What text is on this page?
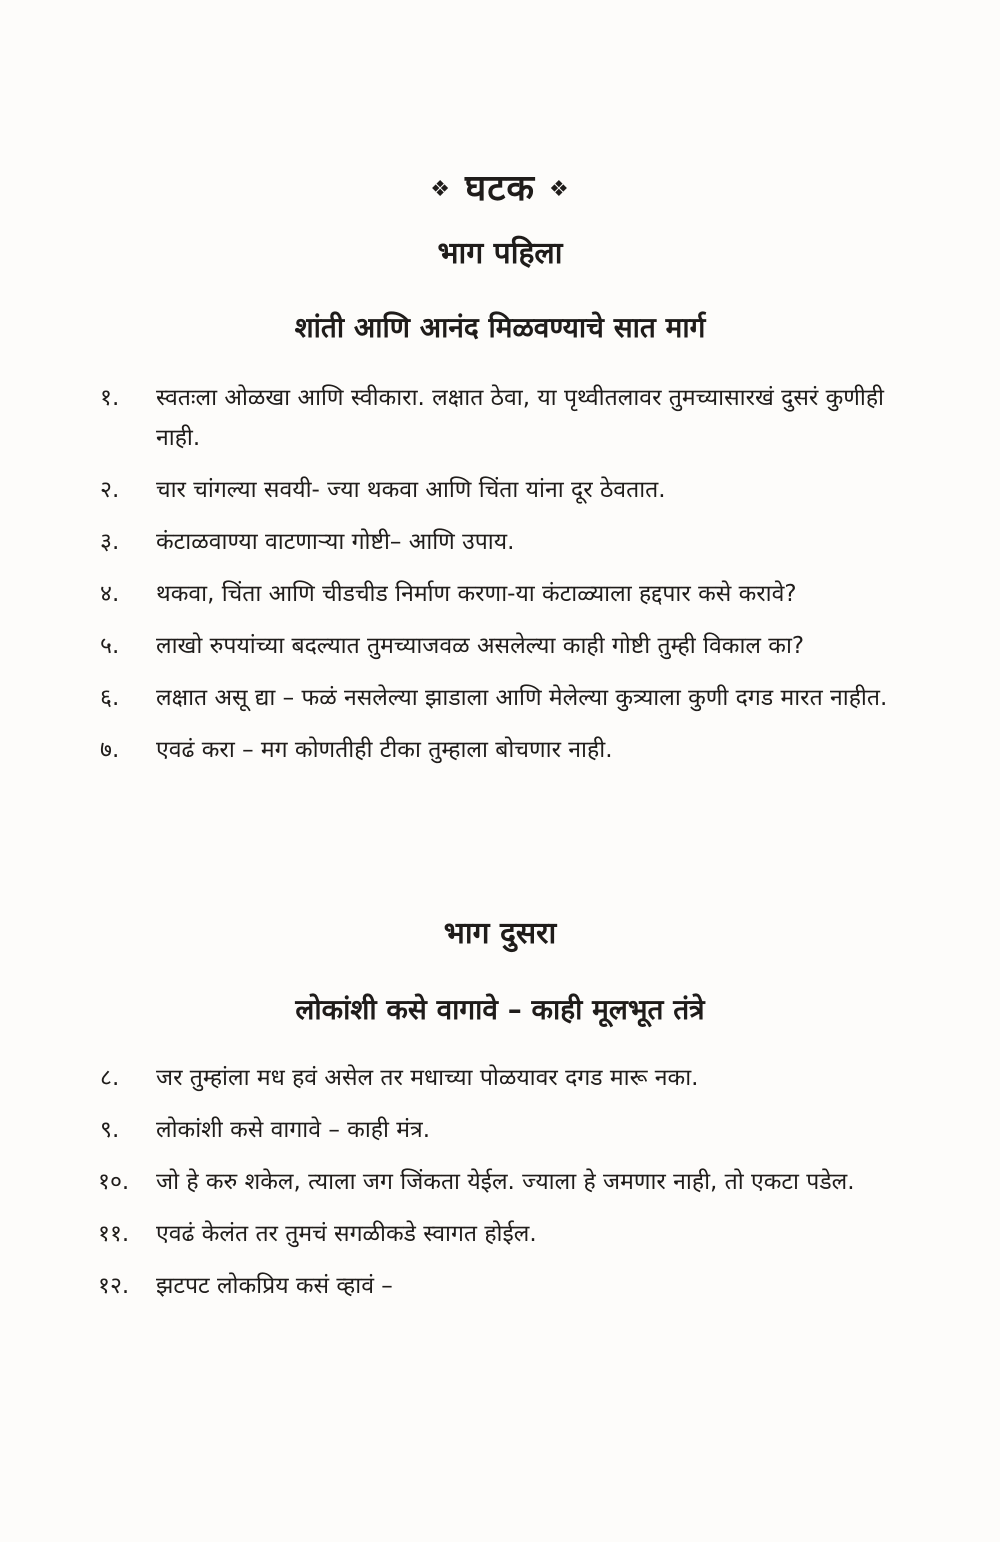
❖ घटक ❖
भाग पहिला
शांती आणि आनंद मिळवण्याचे सात मार्ग
१.	स्वतःला ओळखा आणि स्वीकारा. लक्षात ठेवा, या पृथ्वीतलावर तुमच्यासारखं दुसरं कुणीही नाही.
२.	चार चांगल्या सवयी- ज्या थकवा आणि चिंता यांना दूर ठेवतात.
३.	कंटाळवाण्या वाटणाऱ्या गोष्टी– आणि उपाय.
४.	थकवा, चिंता आणि चीडचीड निर्माण करणा-या कंटाळ्याला हद्दपार कसे करावे?
५.	लाखो रुपयांच्या बदल्यात तुमच्याजवळ असलेल्या काही गोष्टी तुम्ही विकाल का?
६.	लक्षात असू द्या – फळं नसलेल्या झाडाला आणि मेलेल्या कुत्र्याला कुणी दगड मारत नाहीत.
७.	एवढं करा – मग कोणतीही टीका तुम्हाला बोचणार नाही.
भाग दुसरा
लोकांशी कसे वागावे – काही मूलभूत तंत्रे
८.	जर तुम्हांला मध हवं असेल तर मधाच्या पोळयावर दगड मारू नका.
९.	लोकांशी कसे वागावे – काही मंत्र.
१०.	जो हे करु शकेल, त्याला जग जिंकता येईल. ज्याला हे जमणार नाही, तो एकटा पडेल.
११.	एवढं केलंत तर तुमचं सगळीकडे स्वागत होईल.
१२.	झटपट लोकप्रिय कसं व्हावं –
